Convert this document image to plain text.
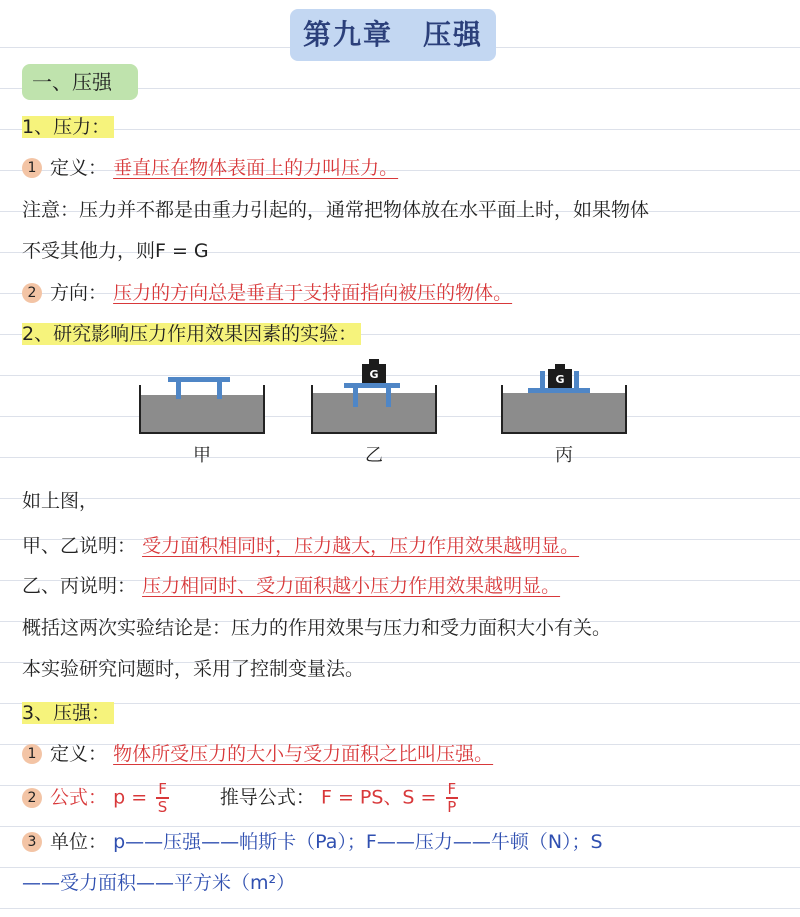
第九章　压强
一、压强
1、压力：
1 定义： 垂直压在物体表面上的力叫压力。
注意：压力并不都是由重力引起的，通常把物体放在水平面上时，如果物体
不受其他力，则F = G
2 方向： 压力的方向总是垂直于支持面指向被压的物体。
2、研究影响压力作用效果因素的实验：
G	G
甲	乙	丙
如上图，
甲、乙说明： 受力面积相同时，压力越大，压力作用效果越明显。
乙、丙说明： 压力相同时、受力面积越小压力作用效果越明显。
概括这两次实验结论是：压力的作用效果与压力和受力面积大小有关。
本实验研究问题时，采用了控制变量法。
3、压强：
1 定义： 物体所受压力的大小与受力面积之比叫压强。
2 公式： $p = \frac{F}{S}$	推导公式： F = PS、$S = \frac{F}{P}$
3 单位： p——压强——帕斯卡（Pa）；F——压力——牛顿（N）；S
——受力面积——平方米（m²）
